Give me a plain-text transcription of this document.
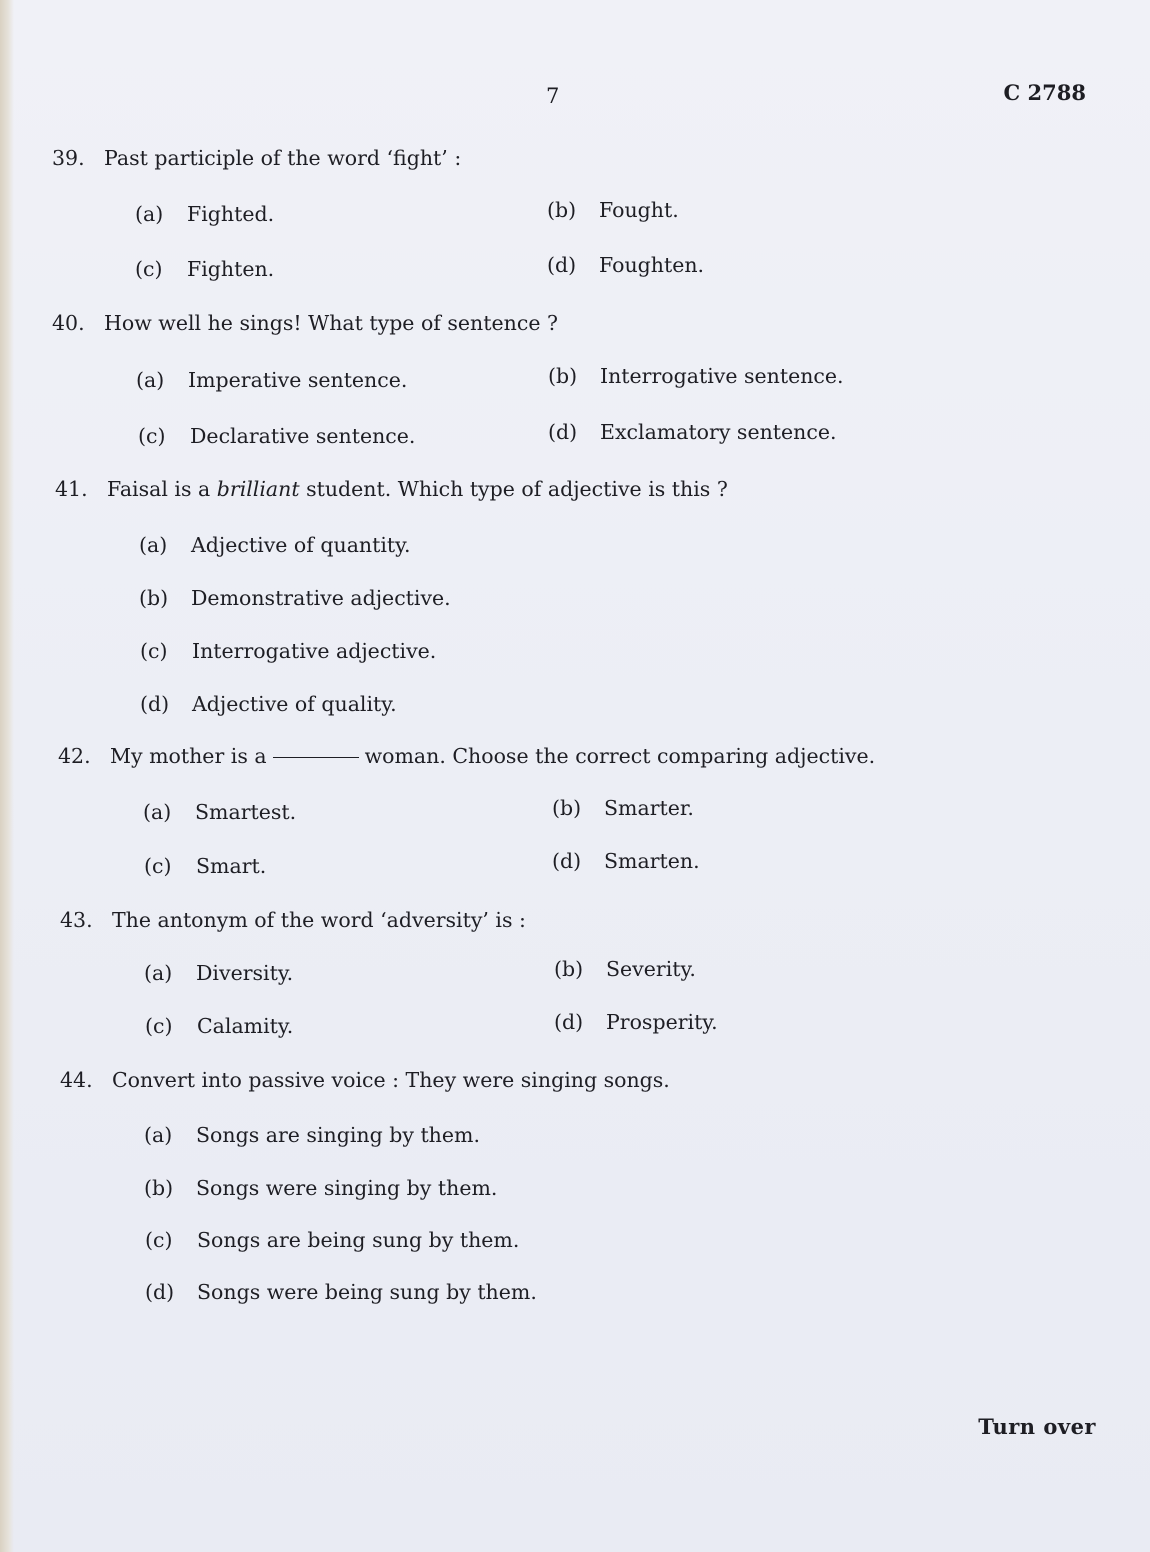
7	C 2788
39. Past participle of the word ‘fight’ :
(a) Fighted.	(b) Fought.
(c) Fighten.	(d) Foughten.
40. How well he sings! What type of sentence ?
(a) Imperative sentence.	(b) Interrogative sentence.
(c) Declarative sentence.	(d) Exclamatory sentence.
41. Faisal is a brilliant student. Which type of adjective is this ?
(a) Adjective of quantity.
(b) Demonstrative adjective.
(c) Interrogative adjective.
(d) Adjective of quality.
42. My mother is a	woman. Choose the correct comparing adjective.
(a) Smartest.	(b) Smarter.
(c) Smart.	(d) Smarten.
43. The antonym of the word ‘adversity’ is :
(a) Diversity.	(b) Severity.
(c) Calamity.	(d) Prosperity.
44. Convert into passive voice : They were singing songs.
(a) Songs are singing by them.
(b) Songs were singing by them.
(c) Songs are being sung by them.
(d) Songs were being sung by them.
Turn over
